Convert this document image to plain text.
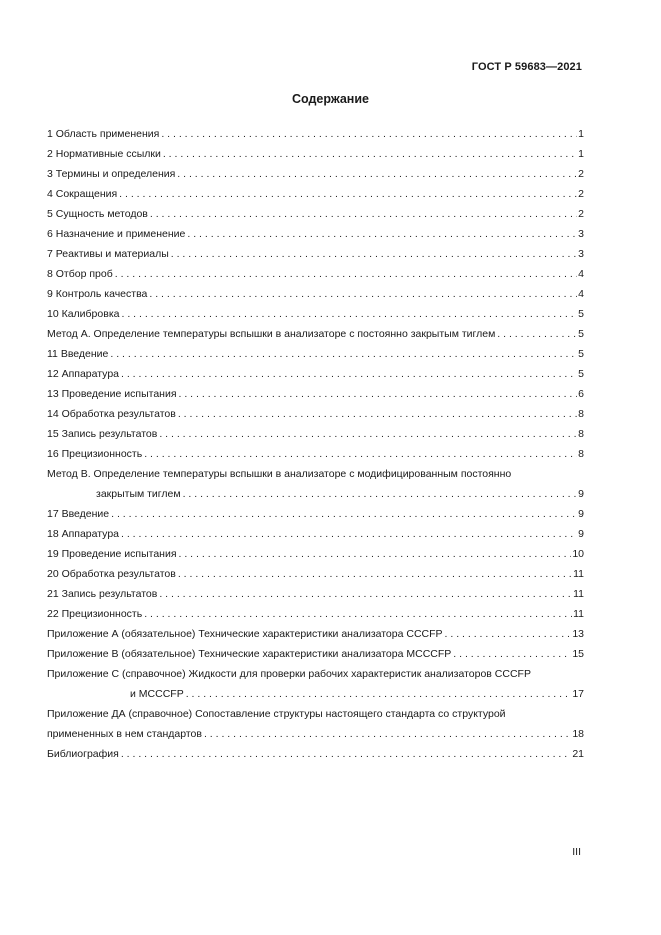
ГОСТ Р 59683—2021
Содержание
1 Область применения . . .	1
2 Нормативные ссылки . . .	1
3 Термины и определения . . .	2
4 Сокращения . . .	2
5 Сущность методов . . .	2
6 Назначение и применение . . .	3
7 Реактивы и материалы . . .	3
8 Отбор проб . . .	4
9 Контроль качества . . .	4
10 Калибровка . . .	5
Метод А. Определение температуры вспышки в анализаторе с постоянно закрытым тиглем . . .	5
11 Введение . . .	5
12 Аппаратура . . .	5
13 Проведение испытания . . .	6
14 Обработка результатов . . .	8
15 Запись результатов . . .	8
16 Прецизионность . . .	8
Метод В. Определение температуры вспышки в анализаторе с модифицированным постоянно
закрытым тиглем . . .	9
17 Введение . . .	9
18 Аппаратура . . .	9
19 Проведение испытания . . .	10
20 Обработка результатов . . .	11
21 Запись результатов . . .	11
22 Прецизионность . . .	11
Приложение А (обязательное) Технические характеристики анализатора CCCFP . . .	13
Приложение В (обязательное) Технические характеристики анализатора MCCCFP . . .	15
Приложение С (справочное) Жидкости для проверки рабочих характеристик анализаторов CCCFP
и MCCCFP . . .	17
Приложение ДА (справочное) Сопоставление структуры настоящего стандарта со структурой
примененных в нем стандартов . . .	18
Библиография . . .	21
III
